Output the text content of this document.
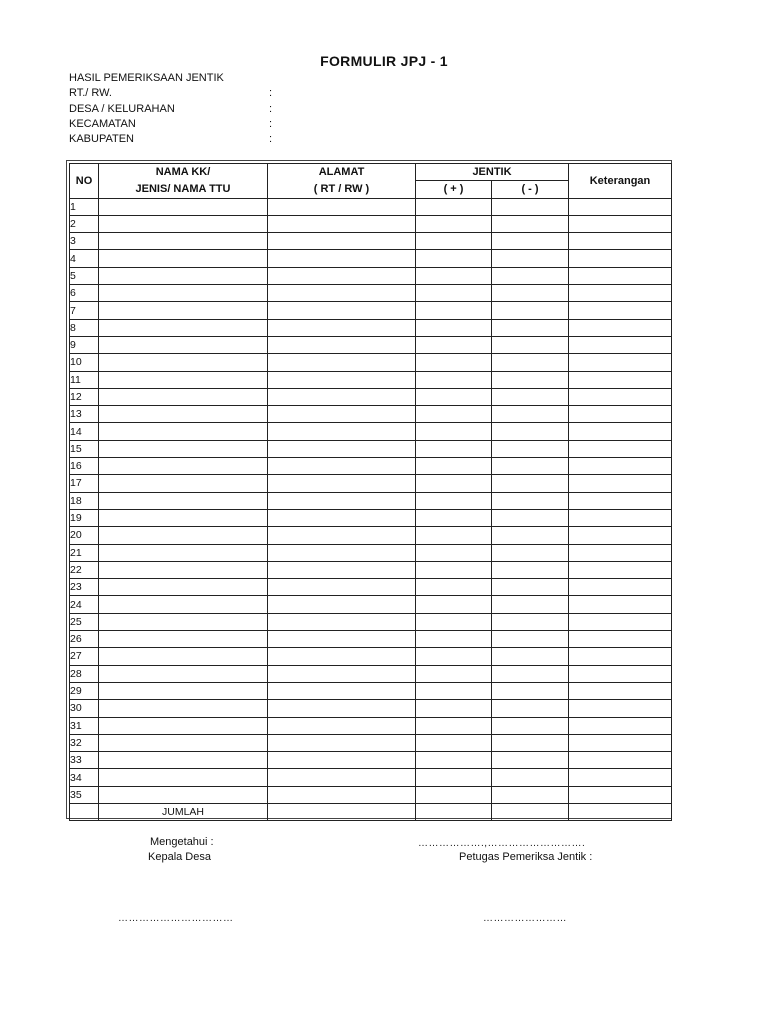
FORMULIR JPJ - 1
HASIL PEMERIKSAAN JENTIK
RT./ RW.	:
DESA / KELURAHAN	:
KECAMATAN	:
KABUPATEN	:
NO	NAMA KK/	ALAMAT	JENTIK		Keterangan
	JENIS/ NAMA TTU	( RT / RW )	( + )	( - )	
1					
2					
3					
4					
5					
6					
7					
8					
9					
10					
11					
12					
13					
14					
15					
16					
17					
18					
19					
20					
21					
22					
23					
24					
25					
26					
27					
28					
29					
30					
31					
32					
33					
34					
35					
	JUMLAH				
Mengetahui :
Kepala Desa
……………….,……………………….
Petugas Pemeriksa Jentik :
……………………………	……………………
